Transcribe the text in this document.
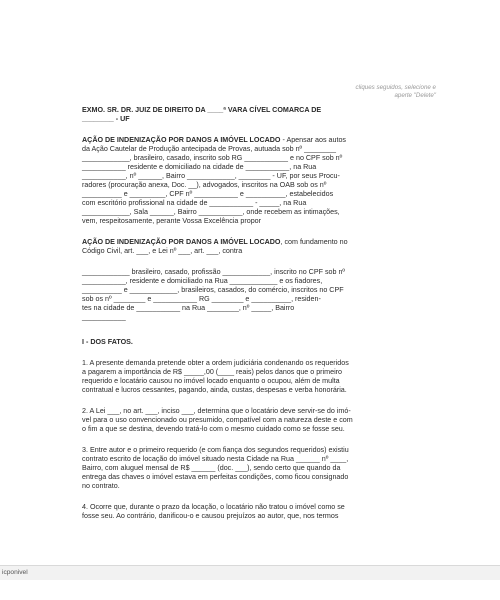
cliques seguidos, selecione e
aperte "Delete"

EXMO. SR. DR. JUIZ DE DIREITO DA ____ª VARA CÍVEL COMARCA DE

________ - UF

AÇÃO DE INDENIZAÇÃO POR DANOS A IMÓVEL LOCADO - Apensar aos autos

da Ação Cautelar de Produção antecipada de Provas, autuada sob nº ________

____________, brasileiro, casado, inscrito sob RG ___________ e no CPF sob nº

___________ residente e domiciliado na cidade de ___________, na Rua

___________, nº ______, Bairro ____________, ________ - UF, por seus Procu-

radores (procuração anexa, Doc. __), advogados, inscritos na OAB sob os nº

__________ e _________, CPF nº ___________ e __________, estabelecidos

com escritório profissional na cidade de ___________ - _____, na Rua

____________, Sala ______, Bairro ___________, onde recebem as intimações,

vem, respeitosamente, perante Vossa Excelência propor

AÇÃO DE INDENIZAÇÃO POR DANOS A IMÓVEL LOCADO, com fundamento no

Código Civil, art. ___, e Lei nº ___, art. ___, contra

____________ brasileiro, casado, profissão ____________, inscrito no CPF sob nº

___________, residente e domiciliado na Rua ____________ e os fiadores,

__________ e ____________, brasileiros, casados, do comércio, inscritos no CPF

sob os nº ________ e ___________ RG ________ e __________, residen-

tes na cidade de ___________ na Rua ________, nº _____, Bairro

___________

I - DOS FATOS.

1. A presente demanda pretende obter a ordem judiciária condenando os requeridos

a pagarem a importância de R$ _____,00 (____ reais) pelos danos que o primeiro

requerido e locatário causou no imóvel locado enquanto o ocupou, além de multa

contratual e lucros cessantes, pagando, ainda, custas, despesas e verba honorária.

2. A Lei ___, no art. ___, inciso ___, determina que o locatário deve servir-se do imó-

vel para o uso convencionado ou presumido, compatível com a natureza deste e com

o fim a que se destina, devendo tratá-lo com o mesmo cuidado como se fosse seu.

3. Entre autor e o primeiro requerido (e com fiança dos segundos requeridos) existiu

contrato escrito de locação do imóvel situado nesta Cidade na Rua ______ nº ____,

Bairro, com aluguel mensal de R$ ______ (doc. ___), sendo certo que quando da

entrega das chaves o imóvel estava em perfeitas condições, como ficou consignado

no contrato.

4. Ocorre que, durante o prazo da locação, o locatário não tratou o imóvel como se

fosse seu. Ao contrário, danificou-o e causou prejuízos ao autor, que, nos termos

icponivel
